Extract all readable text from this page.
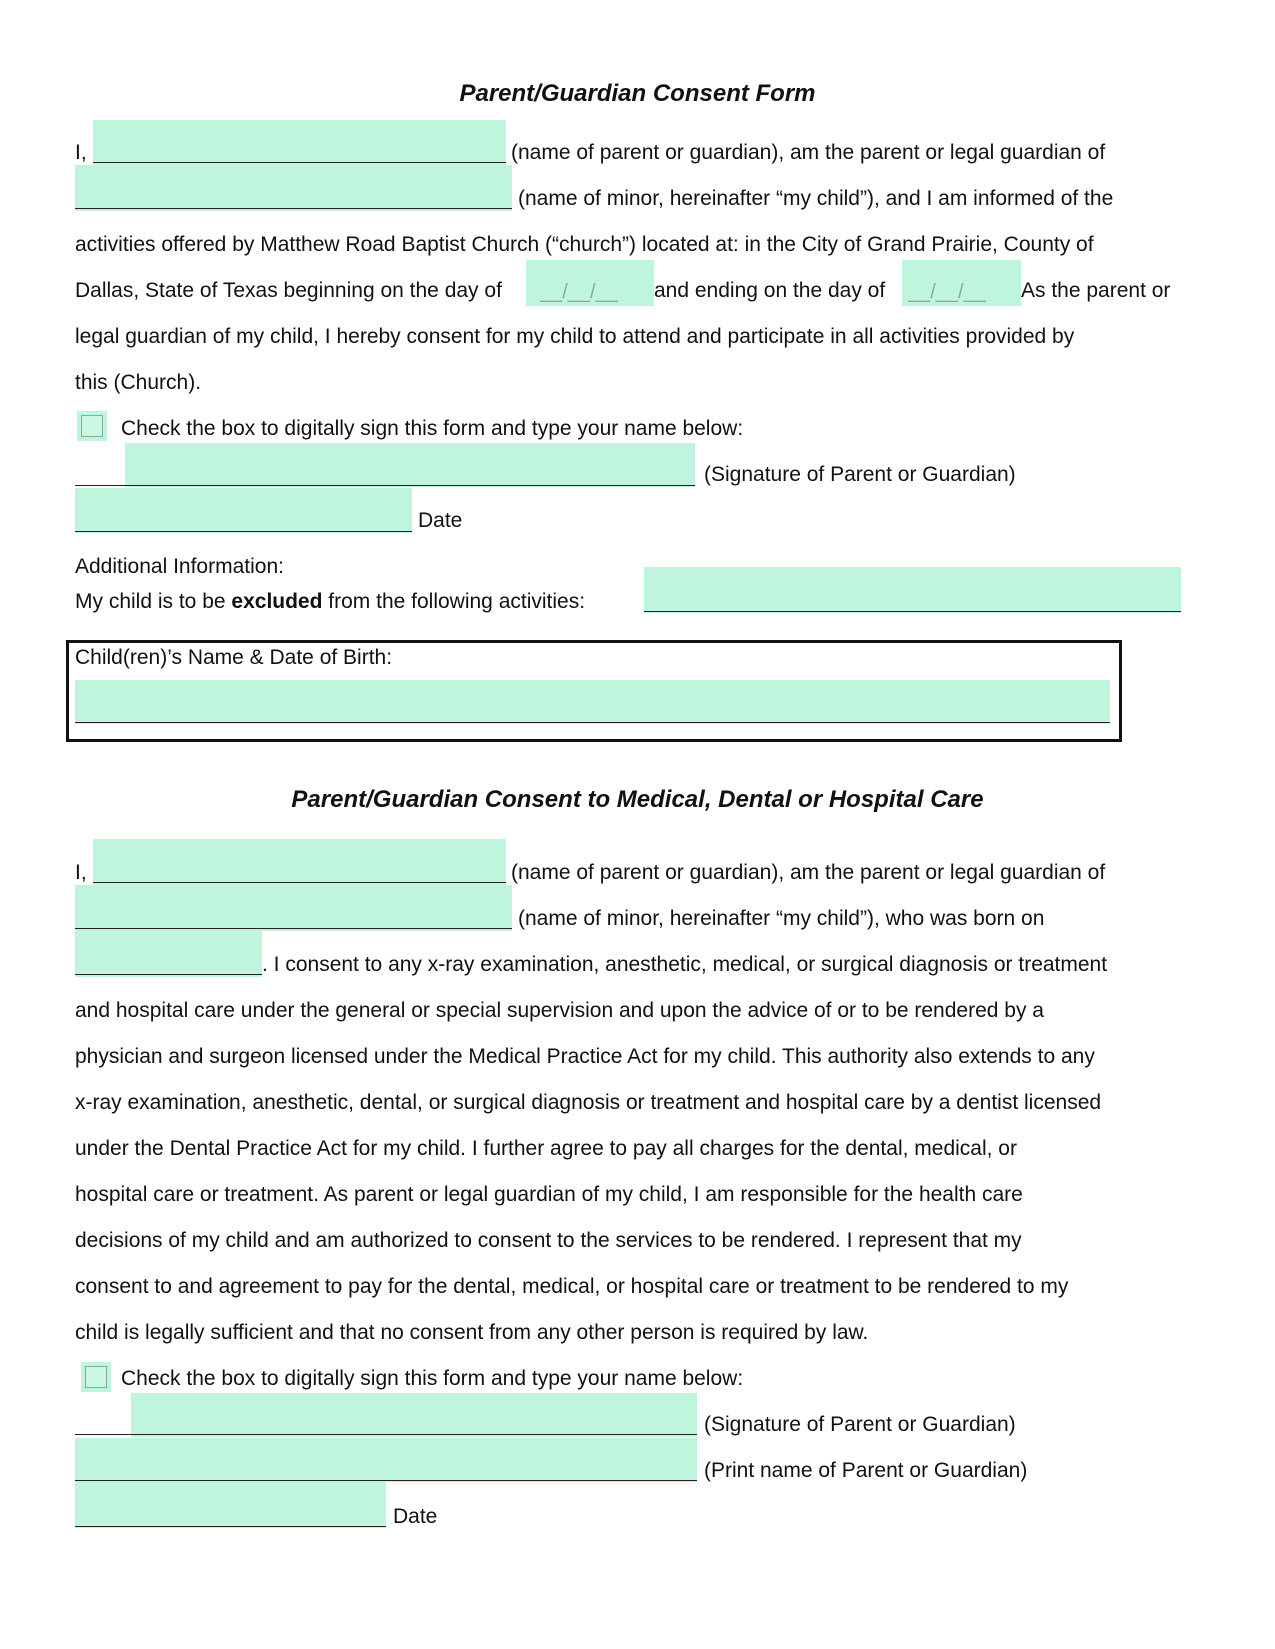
Parent/Guardian Consent Form
I,	(name of parent or guardian), am the parent or legal guardian of
(name of minor, hereinafter “my child”), and I am informed of the
activities offered by Matthew Road Baptist Church (“church”) located at: in the City of Grand Prairie, County of
Dallas, State of Texas beginning on the day of __/__/__ and ending on the day of __/__/__ As the parent or
legal guardian of my child, I hereby consent for my child to attend and participate in all activities provided by
this (Church).
Check the box to digitally sign this form and type your name below:
(Signature of Parent or Guardian)
Date
Additional Information:
My child is to be excluded from the following activities:
Child(ren)’s Name & Date of Birth:
Parent/Guardian Consent to Medical, Dental or Hospital Care
I,	(name of parent or guardian), am the parent or legal guardian of
(name of minor, hereinafter “my child”), who was born on
. I consent to any x-ray examination, anesthetic, medical, or surgical diagnosis or treatment
and hospital care under the general or special supervision and upon the advice of or to be rendered by a
physician and surgeon licensed under the Medical Practice Act for my child. This authority also extends to any
x-ray examination, anesthetic, dental, or surgical diagnosis or treatment and hospital care by a dentist licensed
under the Dental Practice Act for my child. I further agree to pay all charges for the dental, medical, or
hospital care or treatment. As parent or legal guardian of my child, I am responsible for the health care
decisions of my child and am authorized to consent to the services to be rendered. I represent that my
consent to and agreement to pay for the dental, medical, or hospital care or treatment to be rendered to my
child is legally sufficient and that no consent from any other person is required by law.
Check the box to digitally sign this form and type your name below:
(Signature of Parent or Guardian)
(Print name of Parent or Guardian)
Date
